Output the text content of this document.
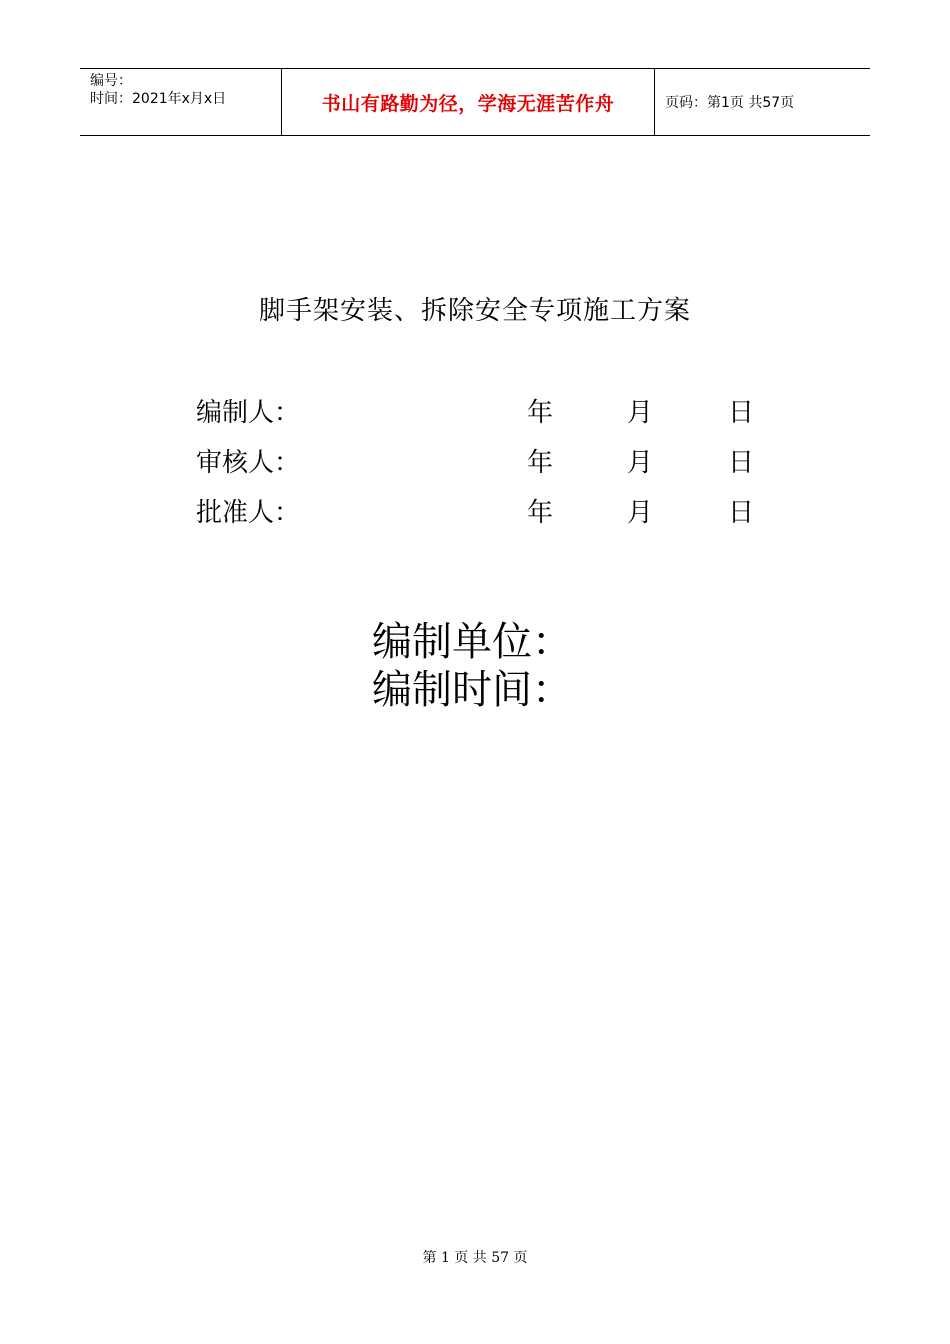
编号：
时间：2021年x月x日	书山有路勤为径，学海无涯苦作舟	页码：第1页 共57页
脚手架安装、拆除安全专项施工方案
编制人：	年	月	日
审核人：	年	月	日
批准人：	年	月	日
编制单位：
编制时间：
第 1 页 共 57 页
